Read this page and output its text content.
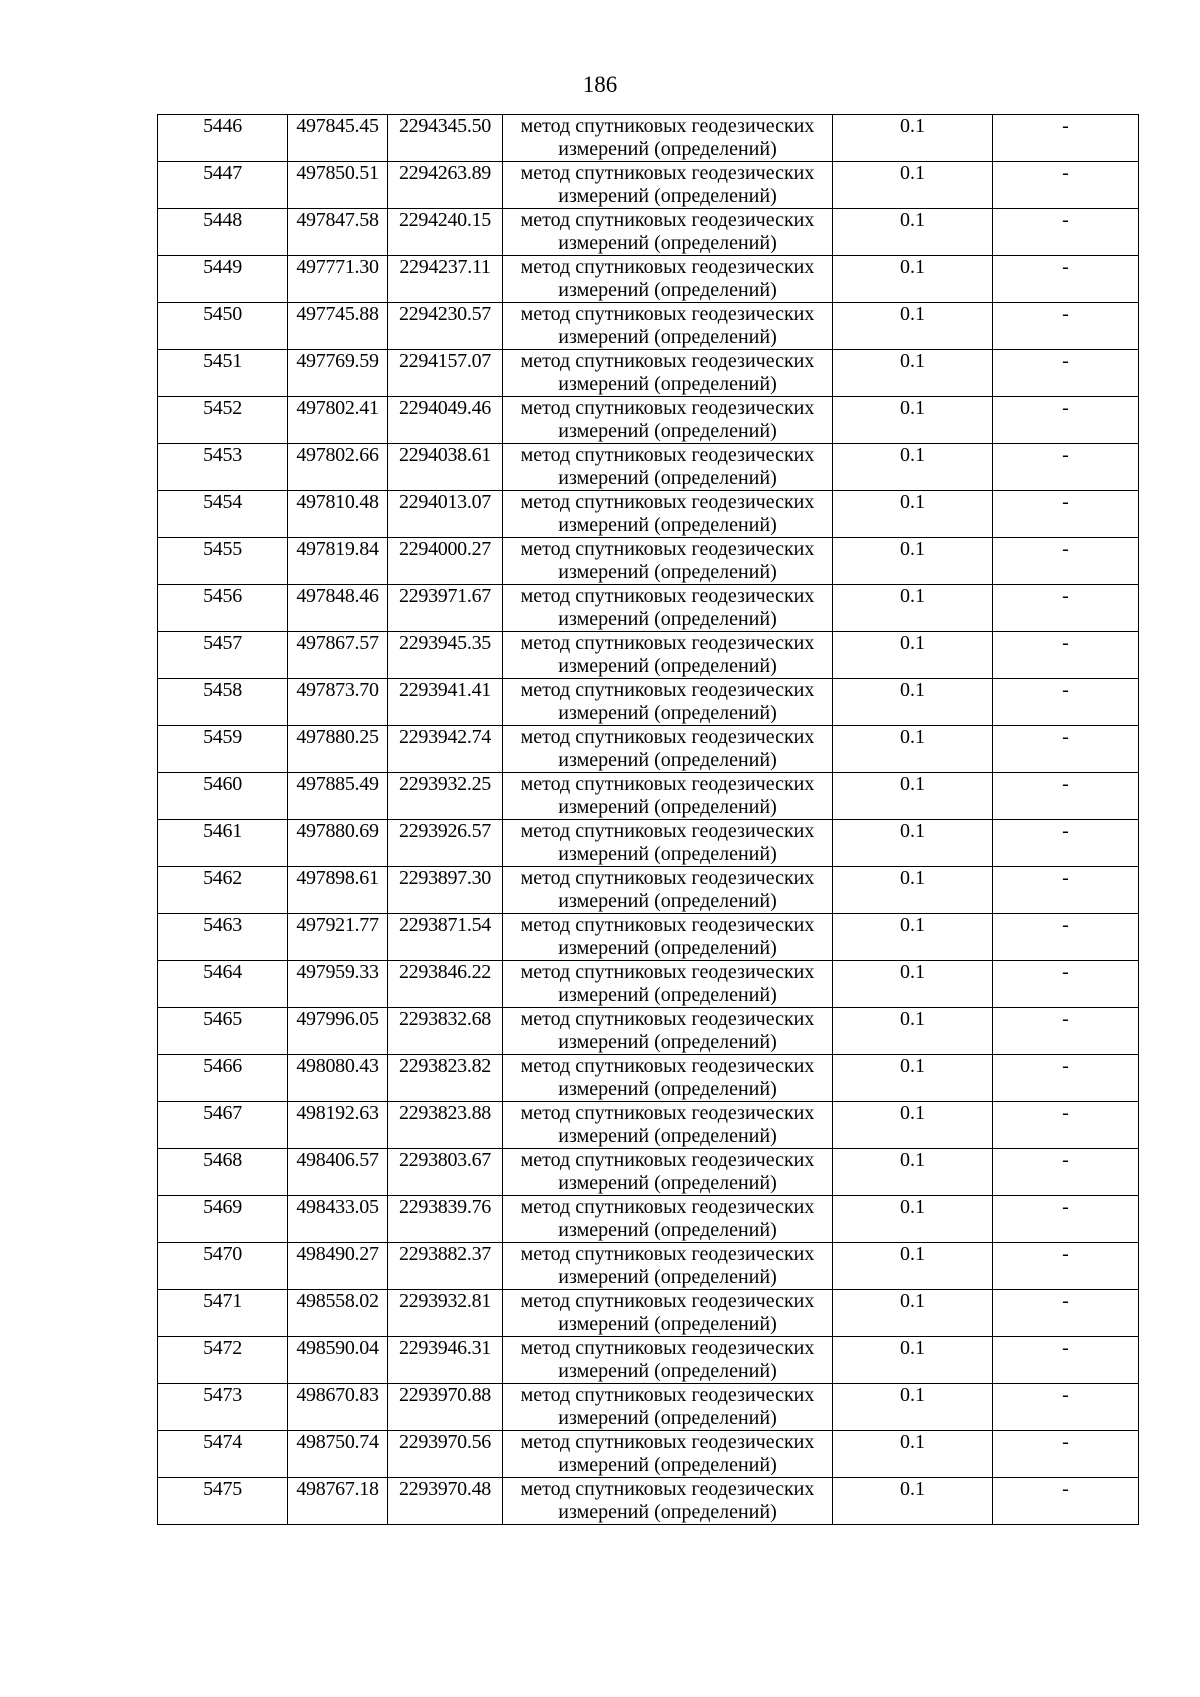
186
5446	497845.45	2294345.50	метод спутниковых геодезических
измерений (определений)	0.1	-
5447	497850.51	2294263.89	метод спутниковых геодезических
измерений (определений)	0.1	-
5448	497847.58	2294240.15	метод спутниковых геодезических
измерений (определений)	0.1	-
5449	497771.30	2294237.11	метод спутниковых геодезических
измерений (определений)	0.1	-
5450	497745.88	2294230.57	метод спутниковых геодезических
измерений (определений)	0.1	-
5451	497769.59	2294157.07	метод спутниковых геодезических
измерений (определений)	0.1	-
5452	497802.41	2294049.46	метод спутниковых геодезических
измерений (определений)	0.1	-
5453	497802.66	2294038.61	метод спутниковых геодезических
измерений (определений)	0.1	-
5454	497810.48	2294013.07	метод спутниковых геодезических
измерений (определений)	0.1	-
5455	497819.84	2294000.27	метод спутниковых геодезических
измерений (определений)	0.1	-
5456	497848.46	2293971.67	метод спутниковых геодезических
измерений (определений)	0.1	-
5457	497867.57	2293945.35	метод спутниковых геодезических
измерений (определений)	0.1	-
5458	497873.70	2293941.41	метод спутниковых геодезических
измерений (определений)	0.1	-
5459	497880.25	2293942.74	метод спутниковых геодезических
измерений (определений)	0.1	-
5460	497885.49	2293932.25	метод спутниковых геодезических
измерений (определений)	0.1	-
5461	497880.69	2293926.57	метод спутниковых геодезических
измерений (определений)	0.1	-
5462	497898.61	2293897.30	метод спутниковых геодезических
измерений (определений)	0.1	-
5463	497921.77	2293871.54	метод спутниковых геодезических
измерений (определений)	0.1	-
5464	497959.33	2293846.22	метод спутниковых геодезических
измерений (определений)	0.1	-
5465	497996.05	2293832.68	метод спутниковых геодезических
измерений (определений)	0.1	-
5466	498080.43	2293823.82	метод спутниковых геодезических
измерений (определений)	0.1	-
5467	498192.63	2293823.88	метод спутниковых геодезических
измерений (определений)	0.1	-
5468	498406.57	2293803.67	метод спутниковых геодезических
измерений (определений)	0.1	-
5469	498433.05	2293839.76	метод спутниковых геодезических
измерений (определений)	0.1	-
5470	498490.27	2293882.37	метод спутниковых геодезических
измерений (определений)	0.1	-
5471	498558.02	2293932.81	метод спутниковых геодезических
измерений (определений)	0.1	-
5472	498590.04	2293946.31	метод спутниковых геодезических
измерений (определений)	0.1	-
5473	498670.83	2293970.88	метод спутниковых геодезических
измерений (определений)	0.1	-
5474	498750.74	2293970.56	метод спутниковых геодезических
измерений (определений)	0.1	-
5475	498767.18	2293970.48	метод спутниковых геодезических
измерений (определений)	0.1	-
